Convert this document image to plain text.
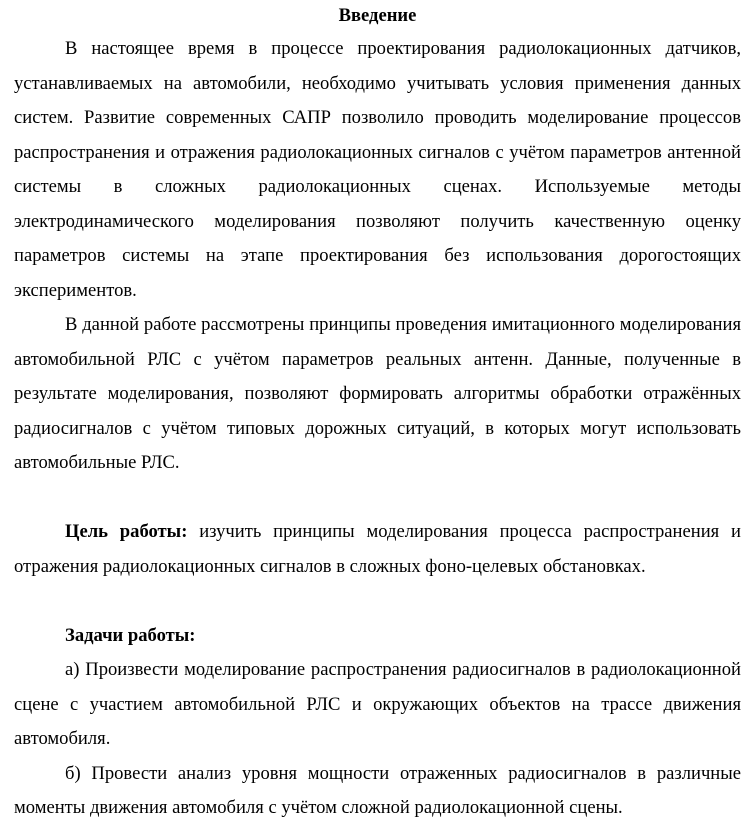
Введение

В настоящее время в процессе проектирования радиолокационных датчиков, устанавливаемых на автомобили, необходимо учитывать условия применения данных систем. Развитие современных САПР позволило проводить моделирование процессов распространения и отражения радиолокационных сигналов с учётом параметров антенной системы в сложных радиолокационных сценах. Используемые методы электродинамического моделирования позволяют получить качественную оценку параметров системы на этапе проектирования без использования дорогостоящих экспериментов.

В данной работе рассмотрены принципы проведения имитационного моделирования автомобильной РЛС с учётом параметров реальных антенн. Данные, полученные в результате моделирования, позволяют формировать алгоритмы обработки отражённых радиосигналов с учётом типовых дорожных ситуаций, в которых могут использовать автомобильные РЛС.

Цель работы: изучить принципы моделирования процесса распространения и отражения радиолокационных сигналов в сложных фоно-целевых обстановках.

Задачи работы:

а) Произвести моделирование распространения радиосигналов в радиолокационной сцене с участием автомобильной РЛС и окружающих объектов на трассе движения автомобиля.

б) Провести анализ уровня мощности отраженных радиосигналов в различные моменты движения автомобиля с учётом сложной радиолокационной сцены.
